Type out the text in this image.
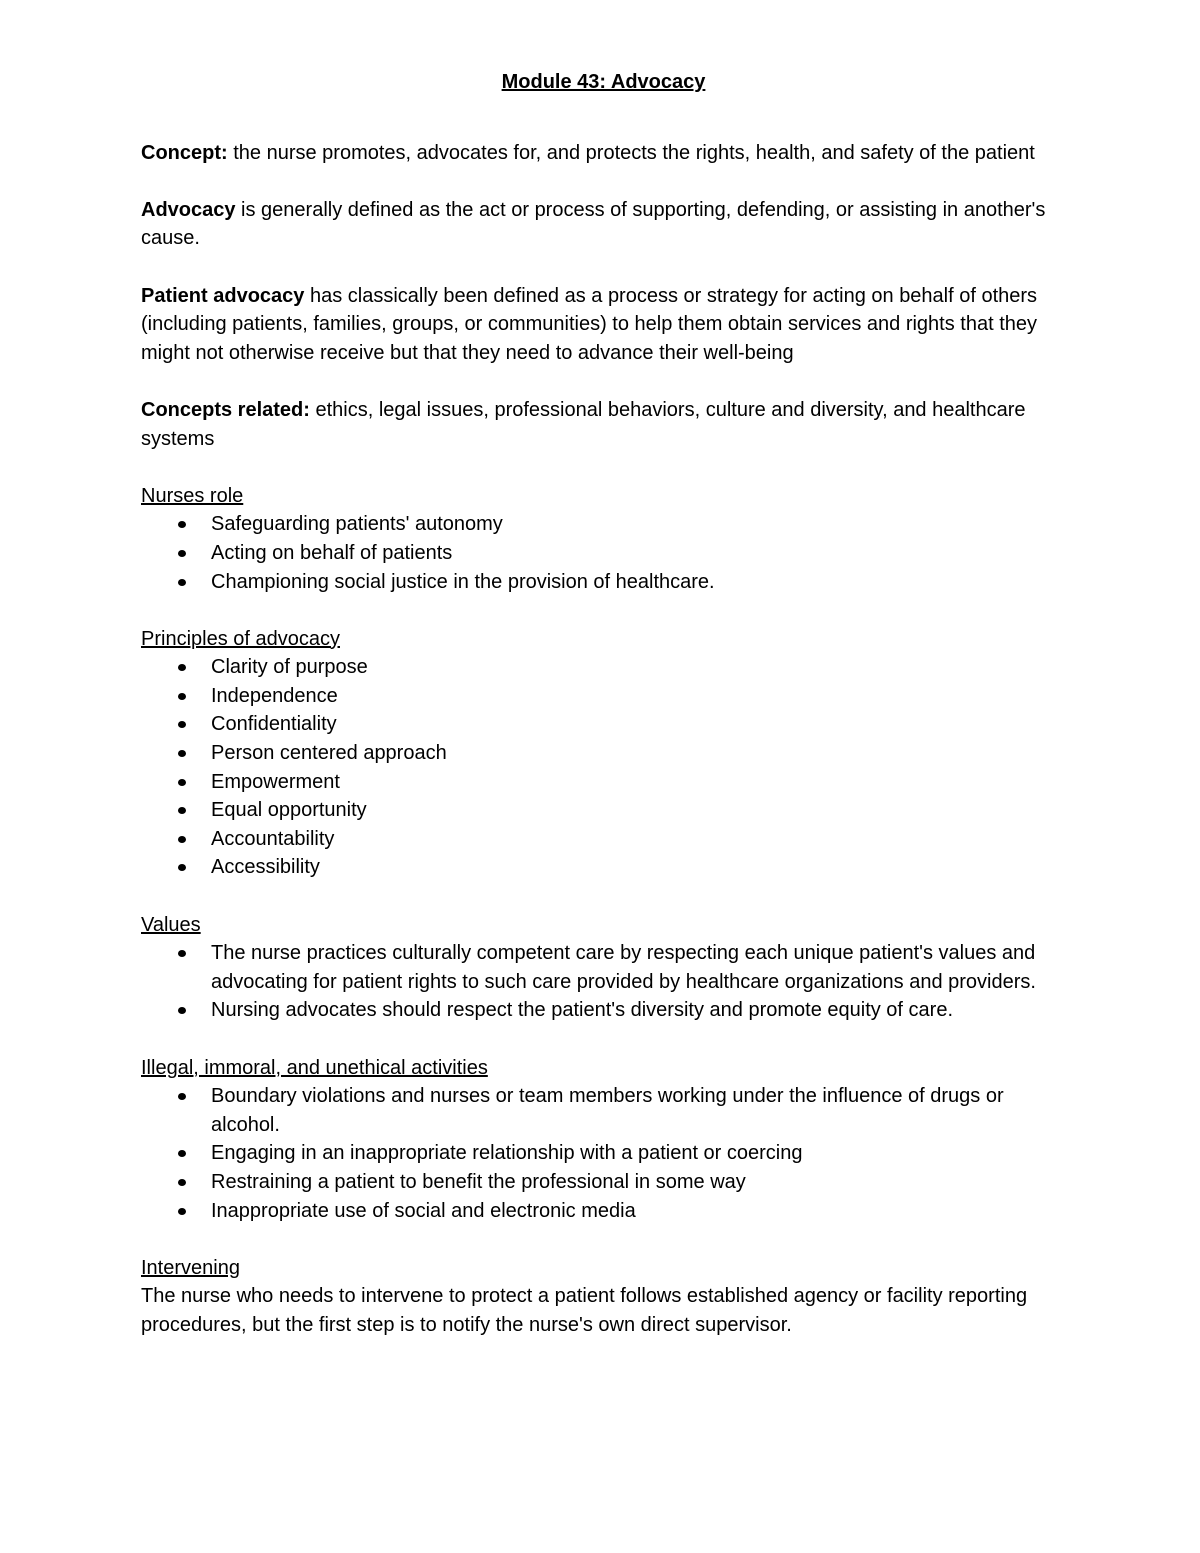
Module 43: Advocacy
Concept: the nurse promotes, advocates for, and protects the rights, health, and safety of the patient
Advocacy is generally defined as the act or process of supporting, defending, or assisting in another's cause.
Patient advocacy has classically been defined as a process or strategy for acting on behalf of others (including patients, families, groups, or communities) to help them obtain services and rights that they might not otherwise receive but that they need to advance their well-being
Concepts related: ethics, legal issues, professional behaviors, culture and diversity, and healthcare systems
Nurses role
Safeguarding patients' autonomy
Acting on behalf of patients
Championing social justice in the provision of healthcare.
Principles of advocacy
Clarity of purpose
Independence
Confidentiality
Person centered approach
Empowerment
Equal opportunity
Accountability
Accessibility
Values
The nurse practices culturally competent care by respecting each unique patient's values and advocating for patient rights to such care provided by healthcare organizations and providers.
Nursing advocates should respect the patient's diversity and promote equity of care.
Illegal, immoral, and unethical activities
Boundary violations and nurses or team members working under the influence of drugs or alcohol.
Engaging in an inappropriate relationship with a patient or coercing
Restraining a patient to benefit the professional in some way
Inappropriate use of social and electronic media
Intervening
The nurse who needs to intervene to protect a patient follows established agency or facility reporting procedures, but the first step is to notify the nurse's own direct supervisor.
